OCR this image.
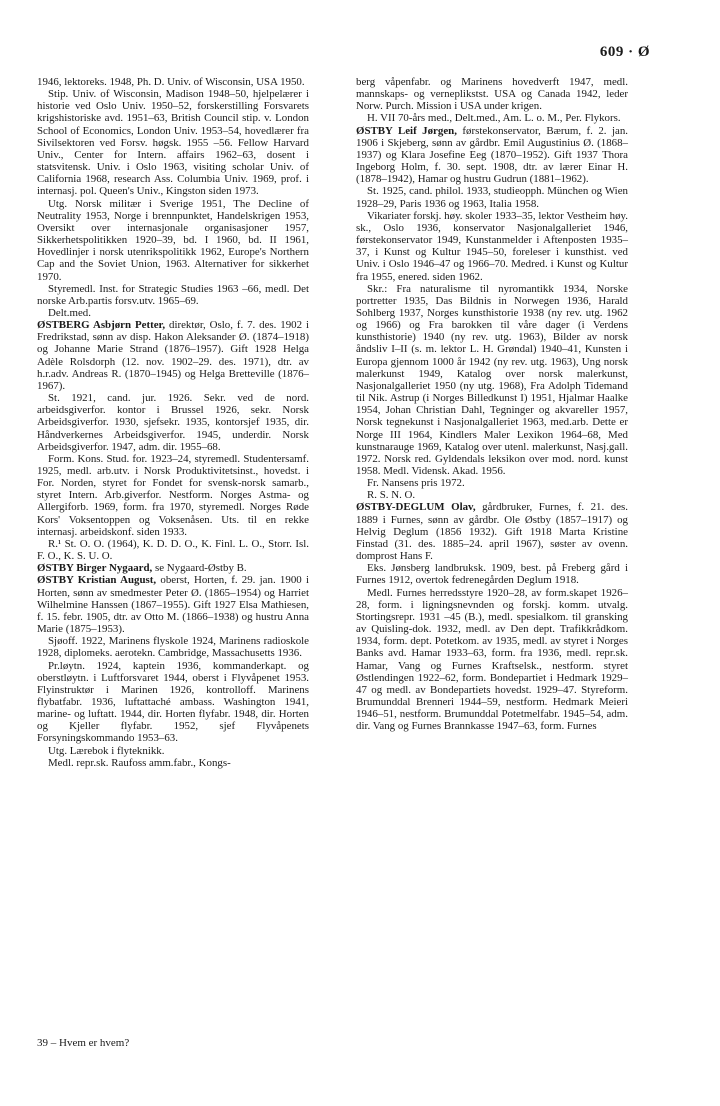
609 · Ø

1946, lektoreks. 1948, Ph. D. Univ. of Wisconsin, USA 1950.

Stip. Univ. of Wisconsin, Madison 1948–50, hjelpelærer i historie ved Oslo Univ. 1950–52, forskerstilling Forsvarets krigshistoriske avd. 1951–63, British Council stip. v. London School of Economics, London Univ. 1953–54, hovedlærer fra Sivilsektoren ved Forsv. høgsk. 1955 –56. Fellow Harvard Univ., Center for Intern. affairs 1962–63, dosent i statsvitensk. Univ. i Oslo 1963, visiting scholar Univ. of California 1968, research Ass. Columbia Univ. 1969, prof. i internasj. pol. Queen's Univ., Kingston siden 1973.

Utg. Norsk militær i Sverige 1951, The Decline of Neutrality 1953, Norge i brennpunktet, Handelskrigen 1953, Oversikt over internasjonale organisasjoner 1957, Sikkerhetspolitikken 1920–39, bd. I 1960, bd. II 1961, Hovedlinjer i norsk utenrikspolitikk 1962, Europe's Northern Cap and the Soviet Union, 1963. Alternativer for sikkerhet 1970.

Styremedl. Inst. for Strategic Studies 1963 –66, medl. Det norske Arb.partis forsv.utv. 1965–69.

Delt.med.

ØSTBERG Asbjørn Petter, direktør, Oslo, f. 7. des. 1902 i Fredrikstad, sønn av disp. Hakon Aleksander Ø. (1874–1918) og Johanne Marie Strand (1876–1957). Gift 1928 Helga Adèle Rolsdorph (12. nov. 1902–29. des. 1971), dtr. av h.r.adv. Andreas R. (1870–1945) og Helga Bretteville (1876–1967).

St. 1921, cand. jur. 1926. Sekr. ved de nord. arbeidsgiverfor. kontor i Brussel 1926, sekr. Norsk Arbeidsgiverfor. 1930, sjefsekr. 1935, kontorsjef 1935, dir. Håndverkernes Arbeidsgiverfor. 1945, underdir. Norsk Arbeidsgiverfor. 1947, adm. dir. 1955–68.

Form. Kons. Stud. for. 1923–24, styremedl. Studentersamf. 1925, medl. arb.utv. i Norsk Produktivitetsinst., hovedst. i For. Norden, styret for Fondet for svensk-norsk samarb., styret Intern. Arb.giverfor. Nestform. Norges Astma- og Allergiforb. 1969, form. fra 1970, styremedl. Norges Røde Kors' Voksentoppen og Voksenåsen. Uts. til en rekke internasj. arbeidskonf. siden 1933.

R.¹ St. O. O. (1964), K. D. D. O., K. Finl. L. O., Storr. Isl. F. O., K. S. U. O.

ØSTBY Birger Nygaard, se Nygaard-Østby B.

ØSTBY Kristian August, oberst, Horten, f. 29. jan. 1900 i Horten, sønn av smedmester Peter Ø. (1865–1954) og Harriet Wilhelmine Hanssen (1867–1955). Gift 1927 Elsa Mathiesen, f. 15. febr. 1905, dtr. av Otto M. (1866–1938) og hustru Anna Marie (1875–1953).

Sjøoff. 1922, Marinens flyskole 1924, Marinens radioskole 1928, diplomeks. aerotekn. Cambridge, Massachusetts 1936.

Pr.løytn. 1924, kaptein 1936, kommanderkapt. og oberstløytn. i Luftforsvaret 1944, oberst i Flyvåpenet 1953. Flyinstruktør i Marinen 1926, kontrolloff. Marinens flybatfabr. 1936, luftattaché ambass. Washington 1941, marine- og luftatt. 1944, dir. Horten flyfabr. 1948, dir. Horten og Kjeller flyfabr. 1952, sjef Flyvåpenets Forsyningskommando 1953–63.

Utg. Lærebok i flyteknikk.

Medl. repr.sk. Raufoss amm.fabr., Kongs-

berg våpenfabr. og Marinens hovedverft 1947, medl. mannskaps- og verneplikstst. USA og Canada 1942, leder Norw. Purch. Mission i USA under krigen.

H. VII 70-års med., Delt.med., Am. L. o. M., Per. Flykors.

ØSTBY Leif Jørgen, førstekonservator, Bærum, f. 2. jan. 1906 i Skjeberg, sønn av gårdbr. Emil Augustinius Ø. (1868–1937) og Klara Josefine Eeg (1870–1952). Gift 1937 Thora Ingeborg Holm, f. 30. sept. 1908, dtr. av lærer Einar H. (1878–1942), Hamar og hustru Gudrun (1881–1962).

St. 1925, cand. philol. 1933, studieopph. München og Wien 1928–29, Paris 1936 og 1963, Italia 1958.

Vikariater forskj. høy. skoler 1933–35, lektor Vestheim høy. sk., Oslo 1936, konservator Nasjonalgalleriet 1946, førstekonservator 1949, Kunstanmelder i Aftenposten 1935–37, i Kunst og Kultur 1945–50, foreleser i kunsthist. ved Univ. i Oslo 1946–47 og 1966–70. Medred. i Kunst og Kultur fra 1955, enered. siden 1962.

Skr.: Fra naturalisme til nyromantikk 1934, Norske portretter 1935, Das Bildnis in Norwegen 1936, Harald Sohlberg 1937, Norges kunsthistorie 1938 (ny rev. utg. 1962 og 1966) og Fra barokken til våre dager (i Verdens kunsthistorie) 1940 (ny rev. utg. 1963), Bilder av norsk åndsliv I–II (s. m. lektor L. H. Grøndal) 1940–41, Kunsten i Europa gjennom 1000 år 1942 (ny rev. utg. 1963), Ung norsk malerkunst 1949, Katalog over norsk malerkunst, Nasjonalgalleriet 1950 (ny utg. 1968), Fra Adolph Tidemand til Nik. Astrup (i Norges Billedkunst I) 1951, Hjalmar Haalke 1954, Johan Christian Dahl, Tegninger og akvareller 1957, Norsk tegnekunst i Nasjonalgalleriet 1963, med.arb. Dette er Norge III 1964, Kindlers Maler Lexikon 1964–68, Med kunstnarauge 1969, Katalog over utenl. malerkunst, Nasj.gall. 1972. Norsk red. Gyldendals leksikon over mod. nord. kunst 1958. Medl. Vidensk. Akad. 1956.

Fr. Nansens pris 1972.

R. S. N. O.

ØSTBY-DEGLUM Olav, gårdbruker, Furnes, f. 21. des. 1889 i Furnes, sønn av gårdbr. Ole Østby (1857–1917) og Helvig Deglum (1856 1932). Gift 1918 Marta Kristine Finstad (31. des. 1885–24. april 1967), søster av ovenn. domprost Hans F.

Eks. Jønsberg landbruksk. 1909, best. på Freberg gård i Furnes 1912, overtok fedrenegården Deglum 1918.

Medl. Furnes herredsstyre 1920–28, av form.skapet 1926–28, form. i ligningsnevnden og forskj. komm. utvalg. Stortingsrepr. 1931 –45 (B.), medl. spesialkom. til gransking av Quisling-dok. 1932, medl. av Den dept. Trafikkrådkom. 1934, form. dept. Potetkom. av 1935, medl. av styret i Norges Banks avd. Hamar 1933–63, form. fra 1936, medl. repr.sk. Hamar, Vang og Furnes Kraftselsk., nestform. styret Østlendingen 1922–62, form. Bondepartiet i Hedmark 1929–47 og medl. av Bondepartiets hovedst. 1929–47. Styreform. Brumunddal Brenneri 1944–59, nestform. Hedmark Meieri 1946–51, nestform. Brumunddal Potetmelfabr. 1945–54, adm. dir. Vang og Furnes Brannkasse 1947–63, form. Furnes

39 – Hvem er hvem?
